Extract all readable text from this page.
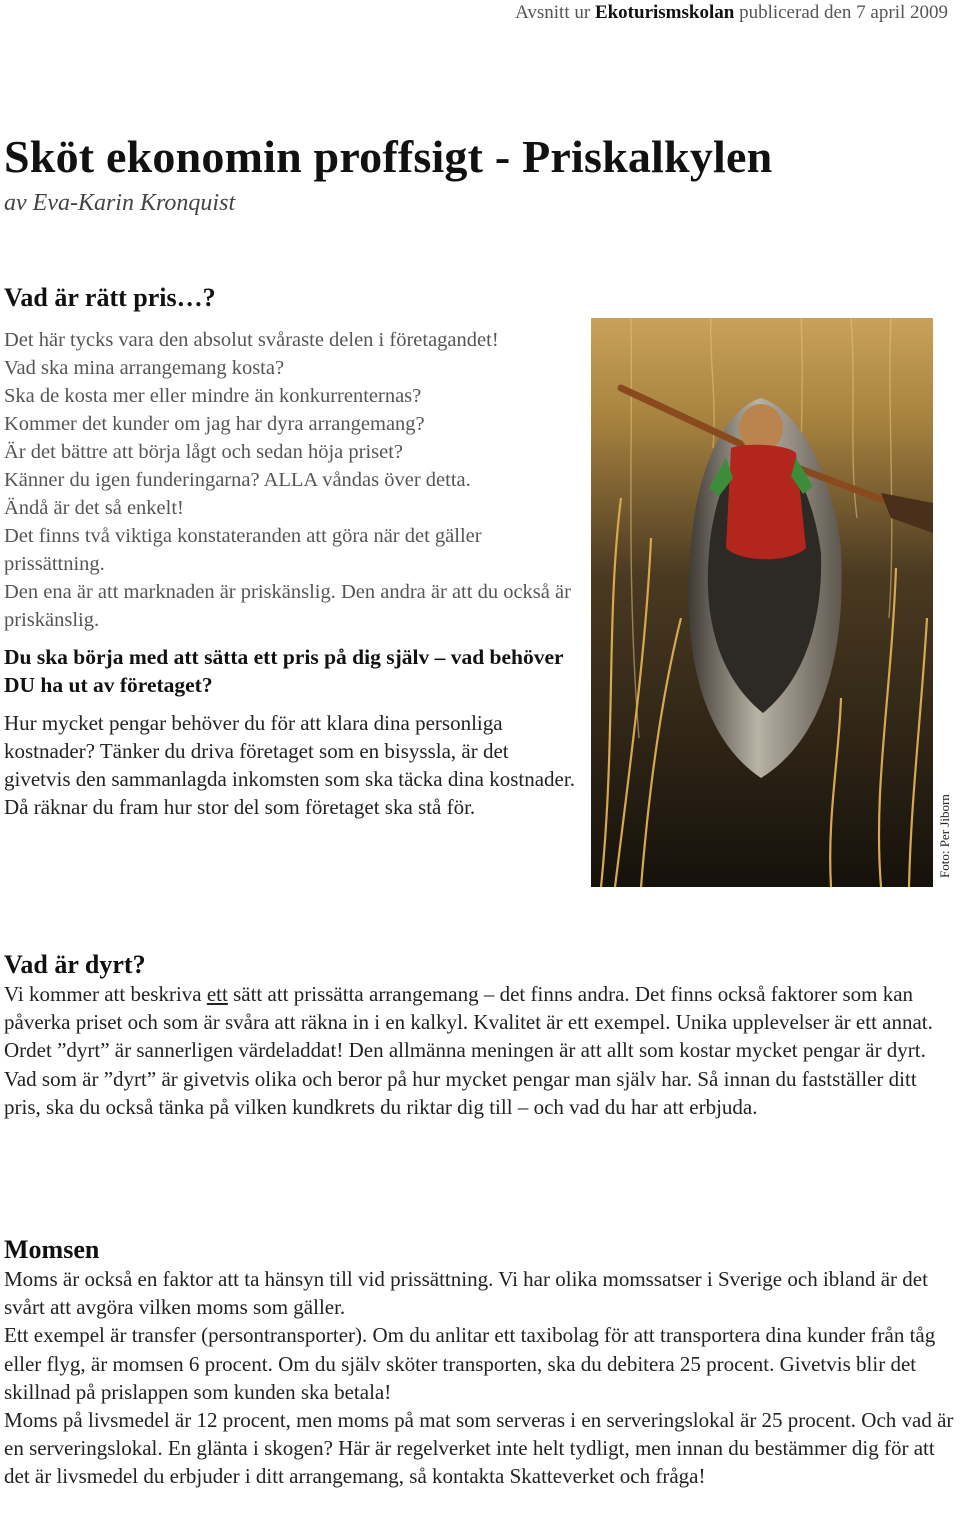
Avsnitt ur Ekoturismskolan publicerad den 7 april 2009
Sköt ekonomin proffsigt - Priskalkylen
av Eva-Karin Kronquist
Vad är rätt pris…?

Det här tycks vara den absolut svåraste delen i företagandet!

Vad ska mina arrangemang kosta?

Ska de kosta mer eller mindre än konkurrenternas?

Kommer det kunder om jag har dyra arrangemang?

Är det bättre att börja lågt och sedan höja priset?

Känner du igen funderingarna? ALLA våndas över detta.

Ändå är det så enkelt!

Det finns två viktiga konstateranden att göra när det gäller prissättning.

Den ena är att marknaden är priskänslig. Den andra är att du också är priskänslig.

Du ska börja med att sätta ett pris på dig själv – vad behöver DU ha ut av företaget?

Hur mycket pengar behöver du för att klara dina personliga kostnader? Tänker du driva företaget som en bisyssla, är det givetvis den sammanlagda inkomsten som ska täcka dina kostnader. Då räknar du fram hur stor del som företaget ska stå för.	Foto: Per Jiborn
Vad är dyrt?

Vi kommer att beskriva ett sätt att prissätta arrangemang – det finns andra. Det finns också faktorer som kan påverka priset och som är svåra att räkna in i en kalkyl. Kvalitet är ett exempel. Unika upplevelser är ett annat.

Ordet ”dyrt” är sannerligen värdeladdat! Den allmänna meningen är att allt som kostar mycket pengar är dyrt. Vad som är ”dyrt” är givetvis olika och beror på hur mycket pengar man själv har. Så innan du fastställer ditt pris, ska du också tänka på vilken kundkrets du riktar dig till – och vad du har att erbjuda.

Momsen

Moms är också en faktor att ta hänsyn till vid prissättning. Vi har olika momssatser i Sverige och ibland är det svårt att avgöra vilken moms som gäller.

Ett exempel är transfer (persontransporter). Om du anlitar ett taxibolag för att transportera dina kunder från tåg eller flyg, är momsen 6 procent. Om du själv sköter transporten, ska du debitera 25 procent. Givetvis blir det skillnad på prislappen som kunden ska betala!

Moms på livsmedel är 12 procent, men moms på mat som serveras i en serveringslokal är 25 procent. Och vad är en serveringslokal. En glänta i skogen? Här är regelverket inte helt tydligt, men innan du bestämmer dig för att det är livsmedel du erbjuder i ditt arrangemang, så kontakta Skatteverket och fråga!
